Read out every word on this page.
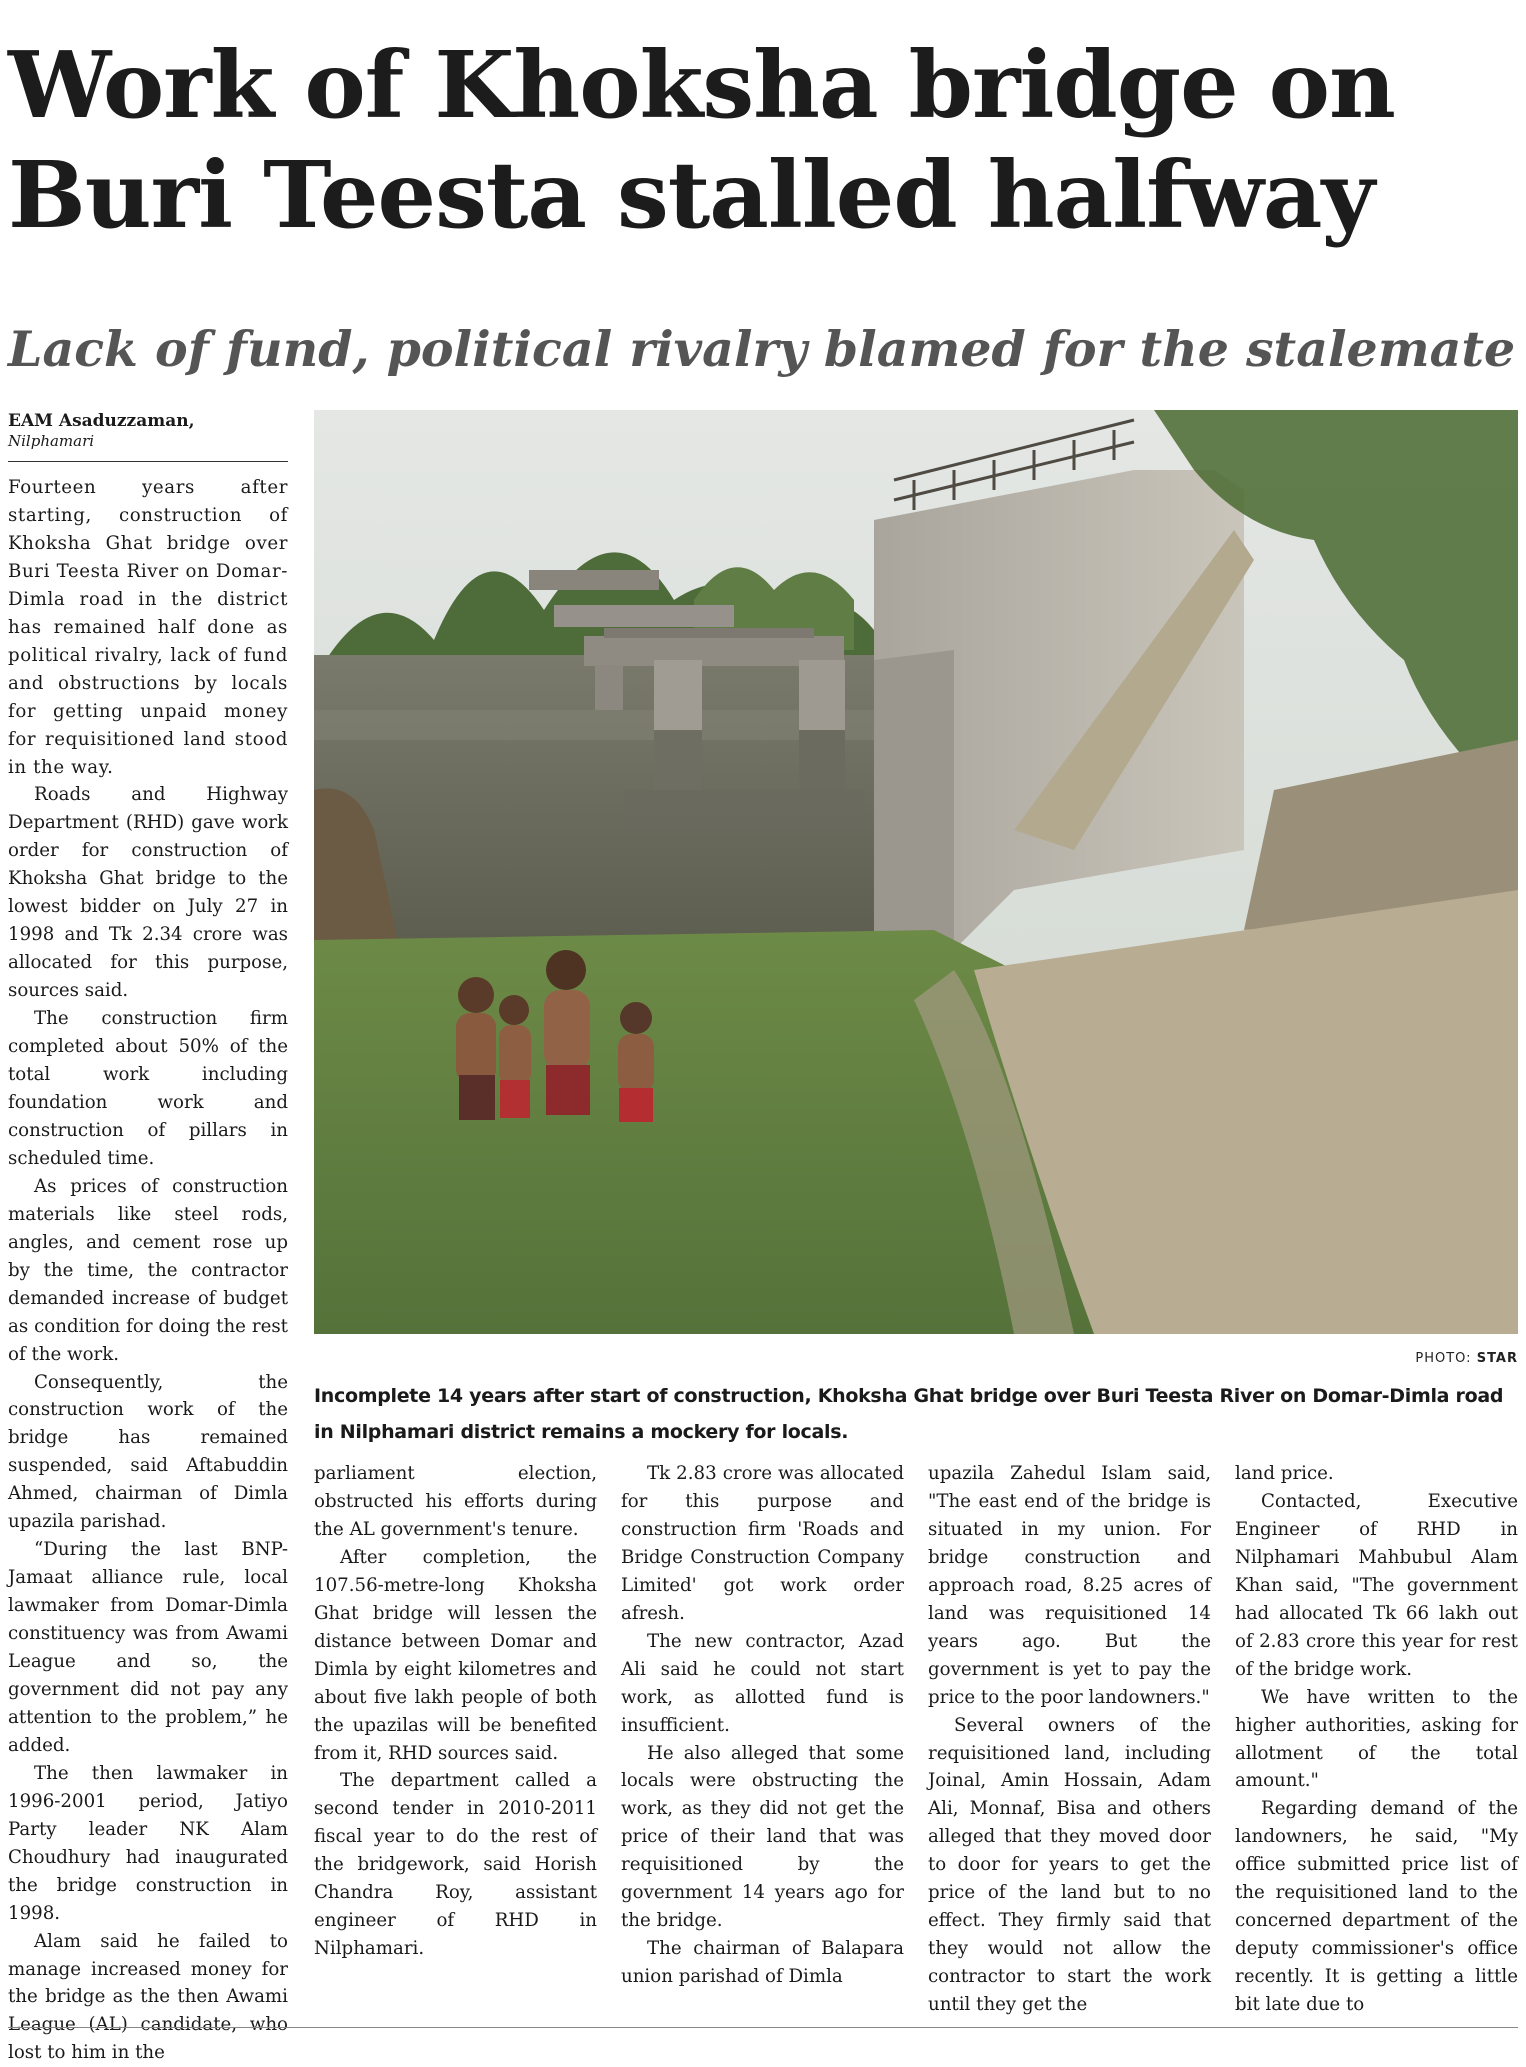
Work of Khoksha bridge on
Buri Teesta stalled halfway
Lack of fund, political rivalry blamed for the stalemate
EAM Asaduzzaman,
Nilphamari

Fourteen years after starting, construction of Khoksha Ghat bridge over Buri Teesta River on Domar-Dimla road in the district has remained half done as political rivalry, lack of fund and obstructions by locals for getting unpaid money for requisitioned land stood in the way.

Roads and Highway Department (RHD) gave work order for construction of Khoksha Ghat bridge to the lowest bidder on July 27 in 1998 and Tk 2.34 crore was allocated for this purpose, sources said.

The construction firm completed about 50% of the total work including foundation work and construction of pillars in scheduled time.

As prices of construction materials like steel rods, angles, and cement rose up by the time, the contractor demanded increase of budget as condition for doing the rest of the work.

Consequently, the construction work of the bridge has remained suspended, said Aftabuddin Ahmed, chairman of Dimla upazila parishad.

“During the last BNP-Jamaat alliance rule, local lawmaker from Domar-Dimla constituency was from Awami League and so, the government did not pay any attention to the problem,” he added.

The then lawmaker in 1996-2001 period, Jatiyo Party leader NK Alam Choudhury had inaugurated the bridge construction in 1998.

Alam said he failed to manage increased money for the bridge as the then Awami League (AL) candidate, who lost to him in the

PHOTO: STAR
Incomplete 14 years after start of construction, Khoksha Ghat bridge over Buri Teesta River on Domar-Dimla road in Nilphamari district remains a mockery for locals.

parliament election, obstructed his efforts during the AL government's tenure.

After completion, the 107.56-metre-long Khoksha Ghat bridge will lessen the distance between Domar and Dimla by eight kilometres and about five lakh people of both the upazilas will be benefited from it, RHD sources said.

The department called a second tender in 2010-2011 fiscal year to do the rest of the bridgework, said Horish Chandra Roy, assistant engineer of RHD in Nilphamari.

Tk 2.83 crore was allocated for this purpose and construction firm 'Roads and Bridge Construction Company Limited' got work order afresh.

The new contractor, Azad Ali said he could not start work, as allotted fund is insufficient.

He also alleged that some locals were obstructing the work, as they did not get the price of their land that was requisitioned by the government 14 years ago for the bridge.

The chairman of Balapara union parishad of Dimla

upazila Zahedul Islam said, "The east end of the bridge is situated in my union. For bridge construction and approach road, 8.25 acres of land was requisitioned 14 years ago. But the government is yet to pay the price to the poor landowners."

Several owners of the requisitioned land, including Joinal, Amin Hossain, Adam Ali, Monnaf, Bisa and others alleged that they moved door to door for years to get the price of the land but to no effect. They firmly said that they would not allow the contractor to start the work until they get the

land price.

Contacted, Executive Engineer of RHD in Nilphamari Mahbubul Alam Khan said, "The government had allocated Tk 66 lakh out of 2.83 crore this year for rest of the bridge work.

We have written to the higher authorities, asking for allotment of the total amount."

Regarding demand of the landowners, he said, "My office submitted price list of the requisitioned land to the concerned department of the deputy commissioner's office recently. It is getting a little bit late due to
